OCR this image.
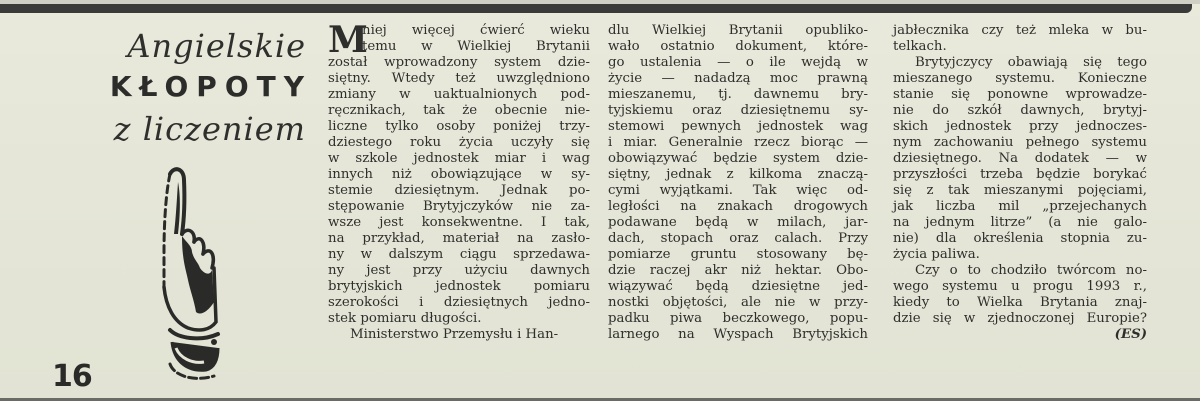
Angielskie
KŁOPOTY
z liczeniem
16
M
niej więcej ćwierć wieku
temu w Wielkiej Brytanii
został wprowadzony system dzie-
siętny. Wtedy też uwzględniono
zmiany w uaktualnionych pod-
ręcznikach, tak że obecnie nie-
liczne tylko osoby poniżej trzy-
dziestego roku życia uczyły się
w szkole jednostek miar i wag
innych niż obowiązujące w sy-
stemie dziesiętnym. Jednak po-
stępowanie Brytyjczyków nie za-
wsze jest konsekwentne. I tak,
na przykład, materiał na zasło-
ny w dalszym ciągu sprzedawa-
ny jest przy użyciu dawnych
brytyjskich jednostek pomiaru
szerokości i dziesiętnych jedno-
stek pomiaru długości.
Ministerstwo Przemysłu i Han-
dlu Wielkiej Brytanii opubliko-
wało ostatnio dokument, które-
go ustalenia — o ile wejdą w
życie — nadadzą moc prawną
mieszanemu, tj. dawnemu bry-
tyjskiemu oraz dziesiętnemu sy-
stemowi pewnych jednostek wag
i miar. Generalnie rzecz biorąc —
obowiązywać będzie system dzie-
siętny, jednak z kilkoma znaczą-
cymi wyjątkami. Tak więc od-
ległości na znakach drogowych
podawane będą w milach, jar-
dach, stopach oraz calach. Przy
pomiarze gruntu stosowany bę-
dzie raczej akr niż hektar. Obo-
wiązywać będą dziesiętne jed-
nostki objętości, ale nie w przy-
padku piwa beczkowego, popu-
larnego na Wyspach Brytyjskich
jabłecznika czy też mleka w bu-
telkach.
Brytyjczycy obawiają się tego
mieszanego systemu. Konieczne
stanie się ponowne wprowadze-
nie do szkół dawnych, brytyj-
skich jednostek przy jednoczes-
nym zachowaniu pełnego systemu
dziesiętnego. Na dodatek — w
przyszłości trzeba będzie borykać
się z tak mieszanymi pojęciami,
jak liczba mil „przejechanych
na jednym litrze” (a nie galo-
nie) dla określenia stopnia zu-
życia paliwa.
Czy o to chodziło twórcom no-
wego systemu u progu 1993 r.,
kiedy to Wielka Brytania znaj-
dzie się w zjednoczonej Europie?
(ES)
